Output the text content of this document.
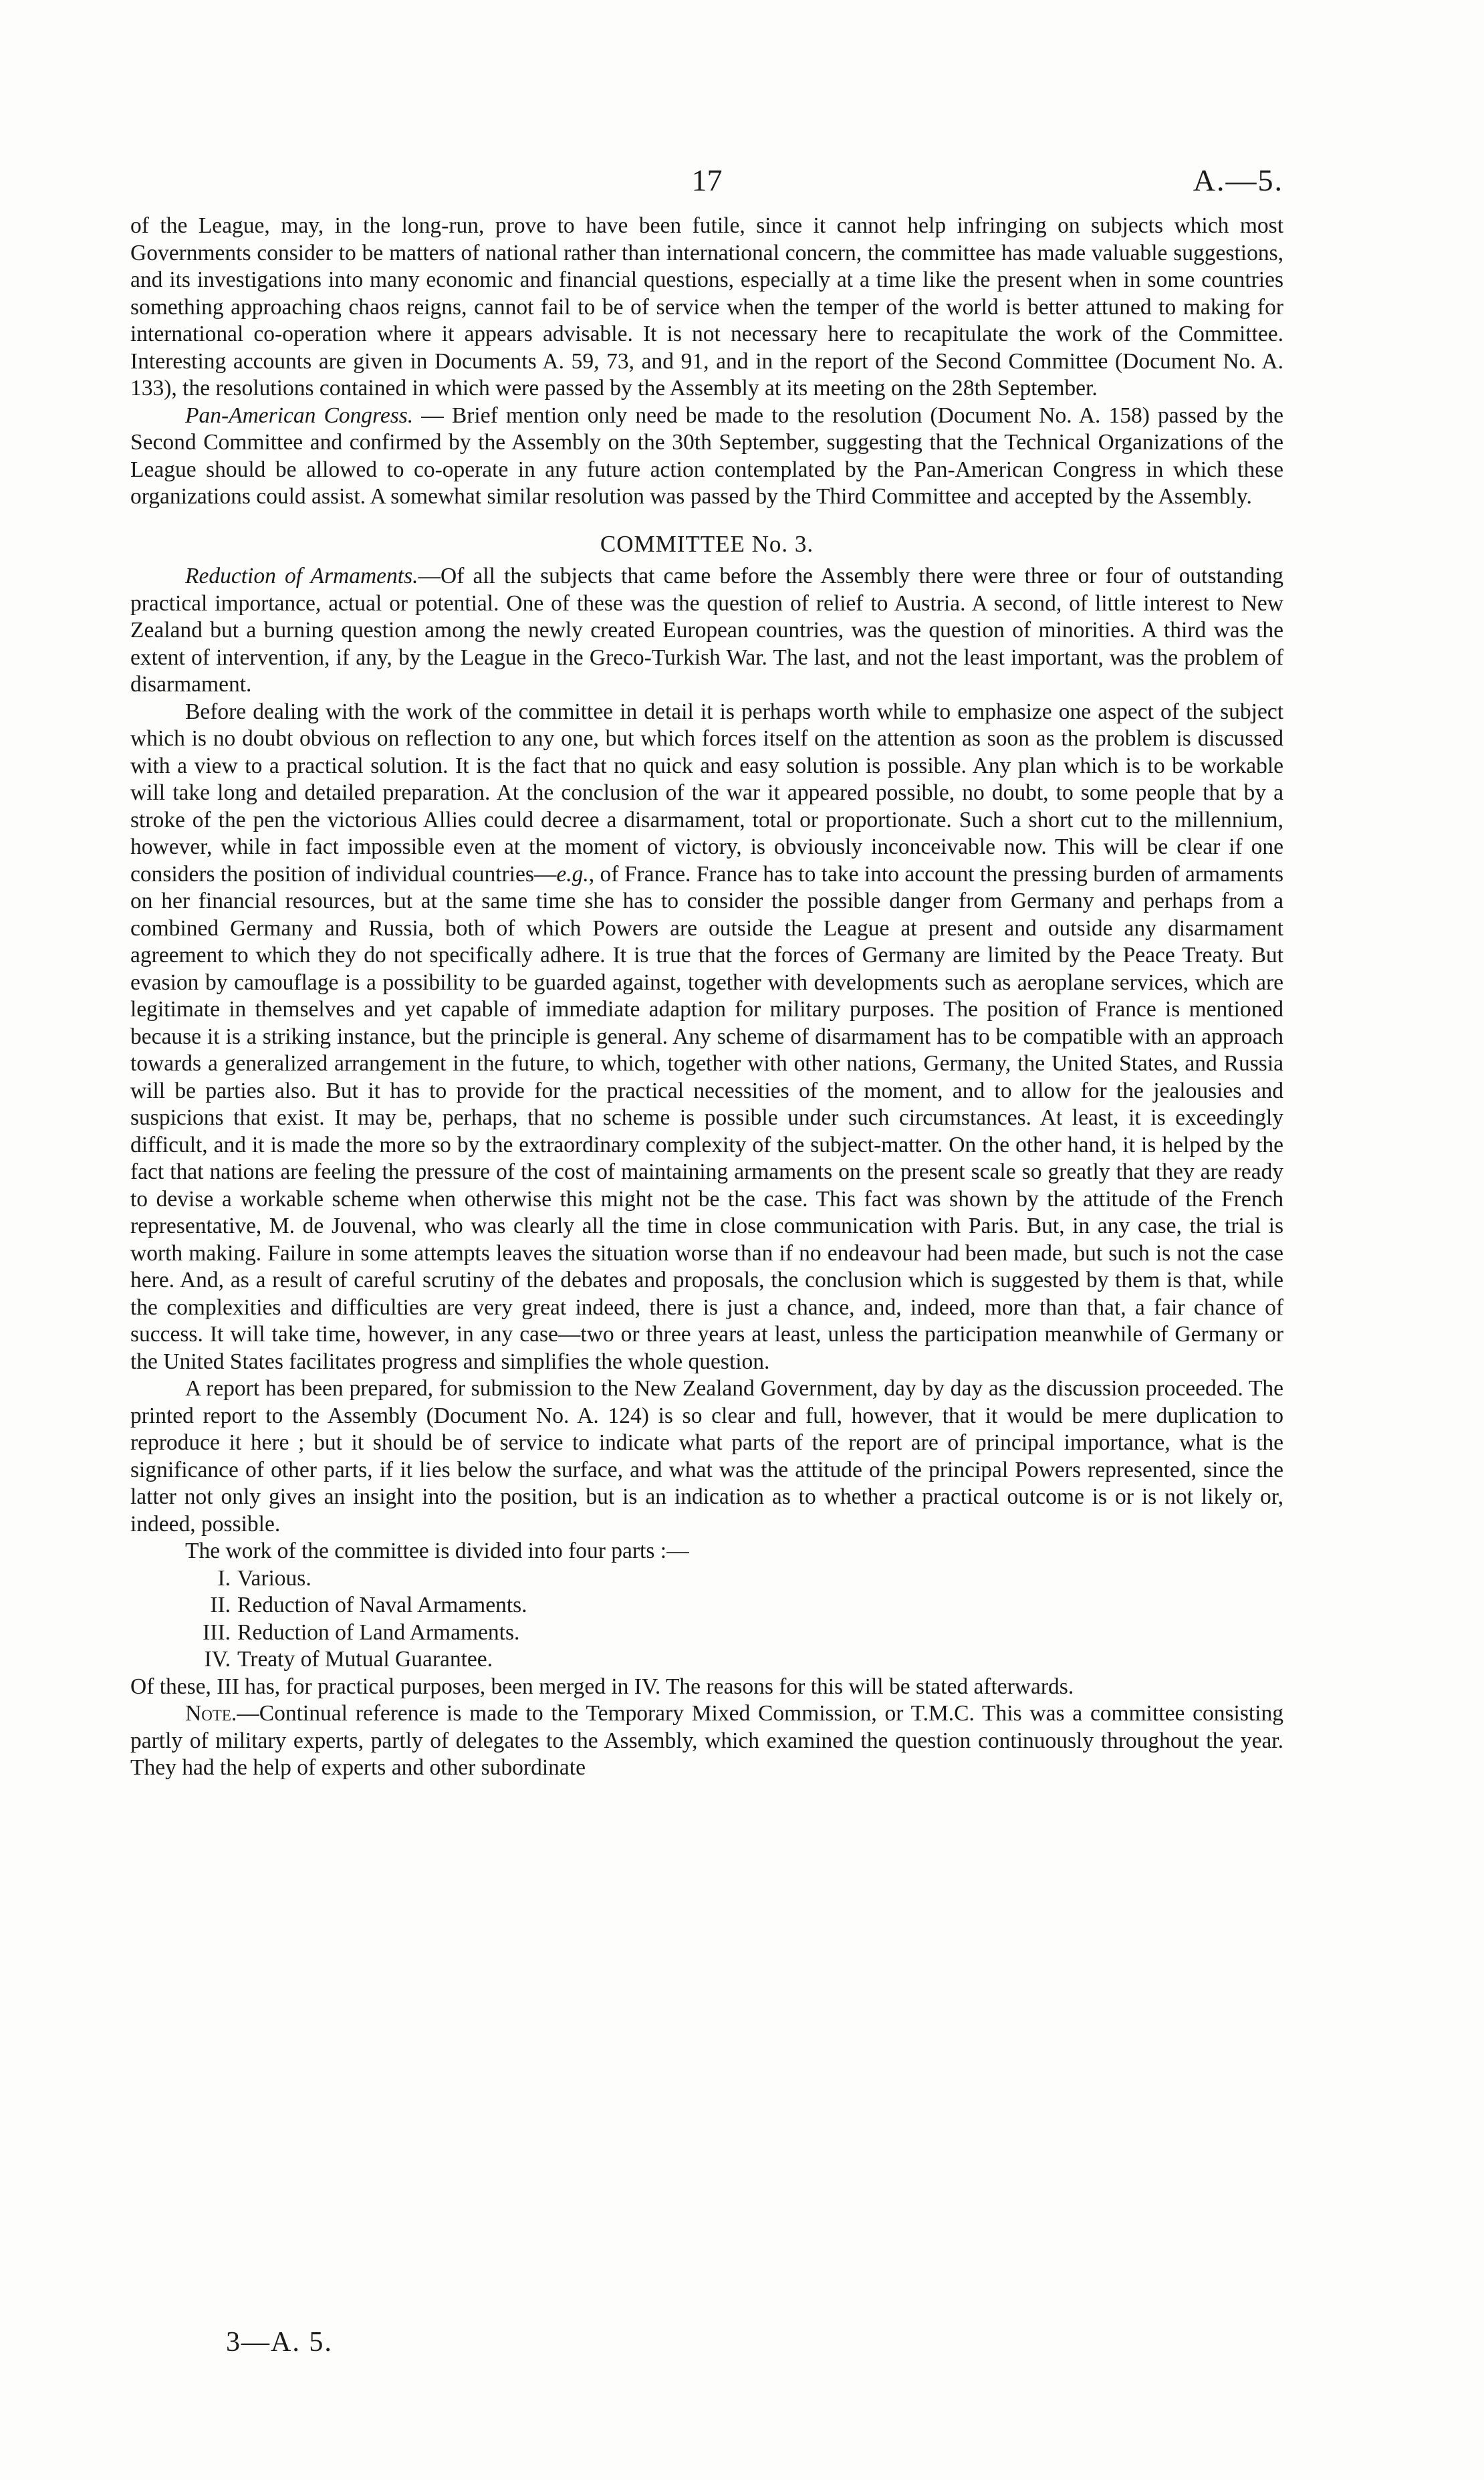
17	A.—5.

of the League, may, in the long-run, prove to have been futile, since it cannot help infringing on subjects which most Governments consider to be matters of national rather than international concern, the committee has made valuable suggestions, and its investigations into many economic and financial questions, especially at a time like the present when in some countries something approaching chaos reigns, cannot fail to be of service when the temper of the world is better attuned to making for international co-operation where it appears advisable. It is not necessary here to recapitulate the work of the Committee. Interesting accounts are given in Documents A. 59, 73, and 91, and in the report of the Second Committee (Document No. A. 133), the resolutions contained in which were passed by the Assembly at its meeting on the 28th September.

Pan-American Congress. — Brief mention only need be made to the resolution (Document No. A. 158) passed by the Second Committee and confirmed by the Assembly on the 30th September, suggesting that the Technical Organizations of the League should be allowed to co-operate in any future action contemplated by the Pan-American Congress in which these organizations could assist. A somewhat similar resolution was passed by the Third Committee and accepted by the Assembly.

COMMITTEE No. 3.

Reduction of Armaments.—Of all the subjects that came before the Assembly there were three or four of outstanding practical importance, actual or potential. One of these was the question of relief to Austria. A second, of little interest to New Zealand but a burning question among the newly created European countries, was the question of minorities. A third was the extent of intervention, if any, by the League in the Greco-Turkish War. The last, and not the least important, was the problem of disarmament.

Before dealing with the work of the committee in detail it is perhaps worth while to emphasize one aspect of the subject which is no doubt obvious on reflection to any one, but which forces itself on the attention as soon as the problem is discussed with a view to a practical solution. It is the fact that no quick and easy solution is possible. Any plan which is to be workable will take long and detailed preparation. At the conclusion of the war it appeared possible, no doubt, to some people that by a stroke of the pen the victorious Allies could decree a disarmament, total or proportionate. Such a short cut to the millennium, however, while in fact impossible even at the moment of victory, is obviously inconceivable now. This will be clear if one considers the position of individual countries—e.g., of France. France has to take into account the pressing burden of armaments on her financial resources, but at the same time she has to consider the possible danger from Germany and perhaps from a combined Germany and Russia, both of which Powers are outside the League at present and outside any disarmament agreement to which they do not specifically adhere. It is true that the forces of Germany are limited by the Peace Treaty. But evasion by camouflage is a possibility to be guarded against, together with developments such as aeroplane services, which are legitimate in themselves and yet capable of immediate adaption for military purposes. The position of France is mentioned because it is a striking instance, but the principle is general. Any scheme of disarmament has to be compatible with an approach towards a generalized arrangement in the future, to which, together with other nations, Germany, the United States, and Russia will be parties also. But it has to provide for the practical necessities of the moment, and to allow for the jealousies and suspicions that exist. It may be, perhaps, that no scheme is possible under such circumstances. At least, it is exceedingly difficult, and it is made the more so by the extraordinary complexity of the subject-matter. On the other hand, it is helped by the fact that nations are feeling the pressure of the cost of maintaining armaments on the present scale so greatly that they are ready to devise a workable scheme when otherwise this might not be the case. This fact was shown by the attitude of the French representative, M. de Jouvenal, who was clearly all the time in close communication with Paris. But, in any case, the trial is worth making. Failure in some attempts leaves the situation worse than if no endeavour had been made, but such is not the case here. And, as a result of careful scrutiny of the debates and proposals, the conclusion which is suggested by them is that, while the complexities and difficulties are very great indeed, there is just a chance, and, indeed, more than that, a fair chance of success. It will take time, however, in any case—two or three years at least, unless the participation meanwhile of Germany or the United States facilitates progress and simplifies the whole question.

A report has been prepared, for submission to the New Zealand Government, day by day as the discussion proceeded. The printed report to the Assembly (Document No. A. 124) is so clear and full, however, that it would be mere duplication to reproduce it here ; but it should be of service to indicate what parts of the report are of principal importance, what is the significance of other parts, if it lies below the surface, and what was the attitude of the principal Powers represented, since the latter not only gives an insight into the position, but is an indication as to whether a practical outcome is or is not likely or, indeed, possible.

The work of the committee is divided into four parts :—

I. Various.
II. Reduction of Naval Armaments.
III. Reduction of Land Armaments.
IV. Treaty of Mutual Guarantee.

Of these, III has, for practical purposes, been merged in IV. The reasons for this will be stated afterwards.

Note.—Continual reference is made to the Temporary Mixed Commission, or T.M.C. This was a committee consisting partly of military experts, partly of delegates to the Assembly, which examined the question continuously throughout the year. They had the help of experts and other subordinate

3—A. 5.
